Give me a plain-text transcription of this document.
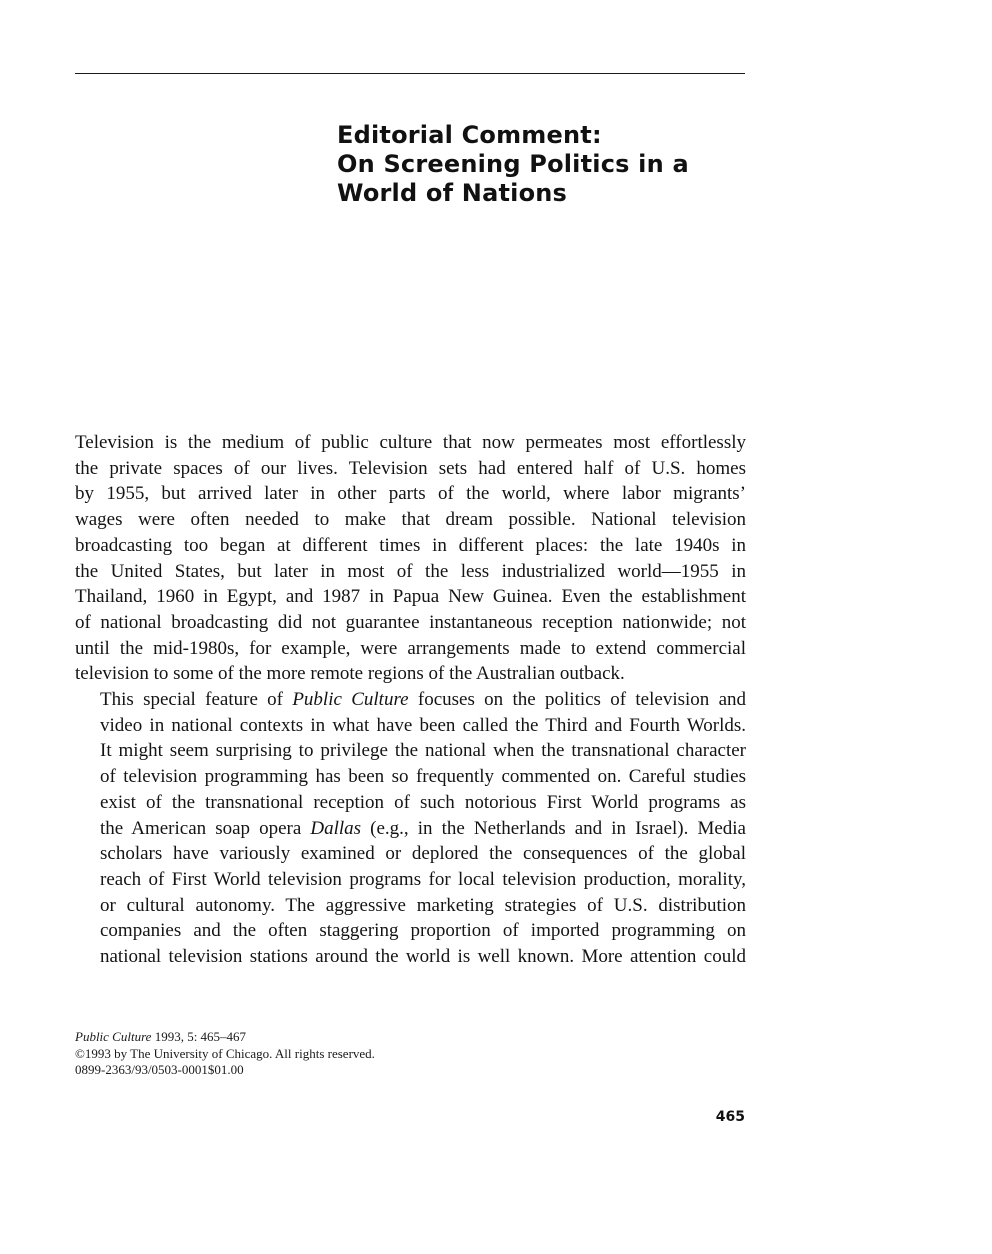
Editorial Comment:
On Screening Politics in a
World of Nations

Television is the medium of public culture that now permeates most effortlessly
the private spaces of our lives. Television sets had entered half of U.S. homes
by 1955, but arrived later in other parts of the world, where labor migrants’
wages were often needed to make that dream possible. National television
broadcasting too began at different times in different places: the late 1940s in
the United States, but later in most of the less industrialized world—1955 in
Thailand, 1960 in Egypt, and 1987 in Papua New Guinea. Even the establishment
of national broadcasting did not guarantee instantaneous reception nationwide; not
until the mid-1980s, for example, were arrangements made to extend commercial
television to some of the more remote regions of the Australian outback.

This special feature of Public Culture focuses on the politics of television and
video in national contexts in what have been called the Third and Fourth Worlds.
It might seem surprising to privilege the national when the transnational character
of television programming has been so frequently commented on. Careful studies
exist of the transnational reception of such notorious First World programs as
the American soap opera Dallas (e.g., in the Netherlands and in Israel). Media
scholars have variously examined or deplored the consequences of the global
reach of First World television programs for local television production, morality,
or cultural autonomy. The aggressive marketing strategies of U.S. distribution
companies and the often staggering proportion of imported programming on
national television stations around the world is well known. More attention could

Public Culture 1993, 5: 465–467
©1993 by The University of Chicago. All rights reserved.
0899-2363/93/0503-0001$01.00
465
